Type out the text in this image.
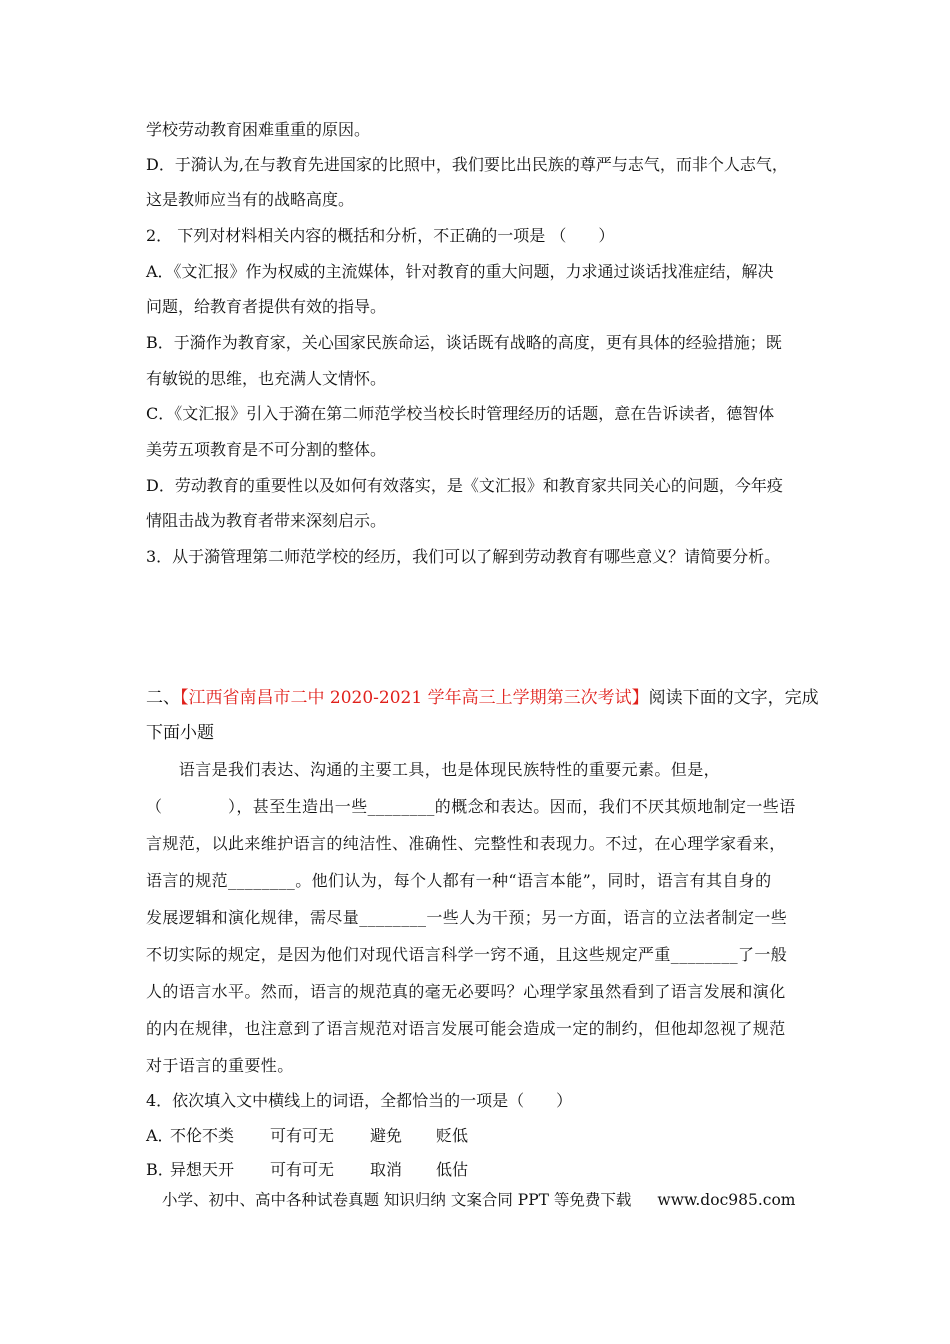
学校劳动教育困难重重的原因。
D．于漪认为,在与教育先进国家的比照中，我们要比出民族的尊严与志气，而非个人志气，
这是教师应当有的战略高度。
2． 下列对材料相关内容的概括和分析，不正确的一项是 （　　）
A．《文汇报》作为权威的主流媒体，针对教育的重大问题，力求通过谈话找准症结，解决
问题，给教育者提供有效的指导。
B．于漪作为教育家，关心国家民族命运，谈话既有战略的高度，更有具体的经验措施；既
有敏锐的思维，也充满人文情怀。
C．《文汇报》引入于漪在第二师范学校当校长时管理经历的话题，意在告诉读者，德智体
美劳五项教育是不可分割的整体。
D．劳动教育的重要性以及如何有效落实，是《文汇报》和教育家共同关心的问题，今年疫
情阻击战为教育者带来深刻启示。
3．从于漪管理第二师范学校的经历，我们可以了解到劳动教育有哪些意义？请简要分析。
二、【江西省南昌市二中 2020-2021 学年高三上学期第三次考试】阅读下面的文字，完成
下面小题
　　语言是我们表达、沟通的主要工具，也是体现民族特性的重要元素。但是，
（　　　　），甚至生造出一些________的概念和表达。因而，我们不厌其烦地制定一些语
言规范，以此来维护语言的纯洁性、准确性、完整性和表现力。不过，在心理学家看来，
语言的规范________。他们认为，每个人都有一种“语言本能”，同时，语言有其自身的
发展逻辑和演化规律，需尽量________一些人为干预；另一方面，语言的立法者制定一些
不切实际的规定，是因为他们对现代语言科学一窍不通，且这些规定严重________了一般
人的语言水平。然而，语言的规范真的毫无必要吗？心理学家虽然看到了语言发展和演化
的内在规律，也注意到了语言规范对语言发展可能会造成一定的制约，但他却忽视了规范
对于语言的重要性。
4．依次填入文中横线上的词语，全都恰当的一项是（　　）
A．不伦不类 可有可无 避免 贬低
B．异想天开 可有可无 取消 低估
小学、初中、高中各种试卷真题 知识归纳 文案合同 PPT 等免费下载 www.doc985.com
